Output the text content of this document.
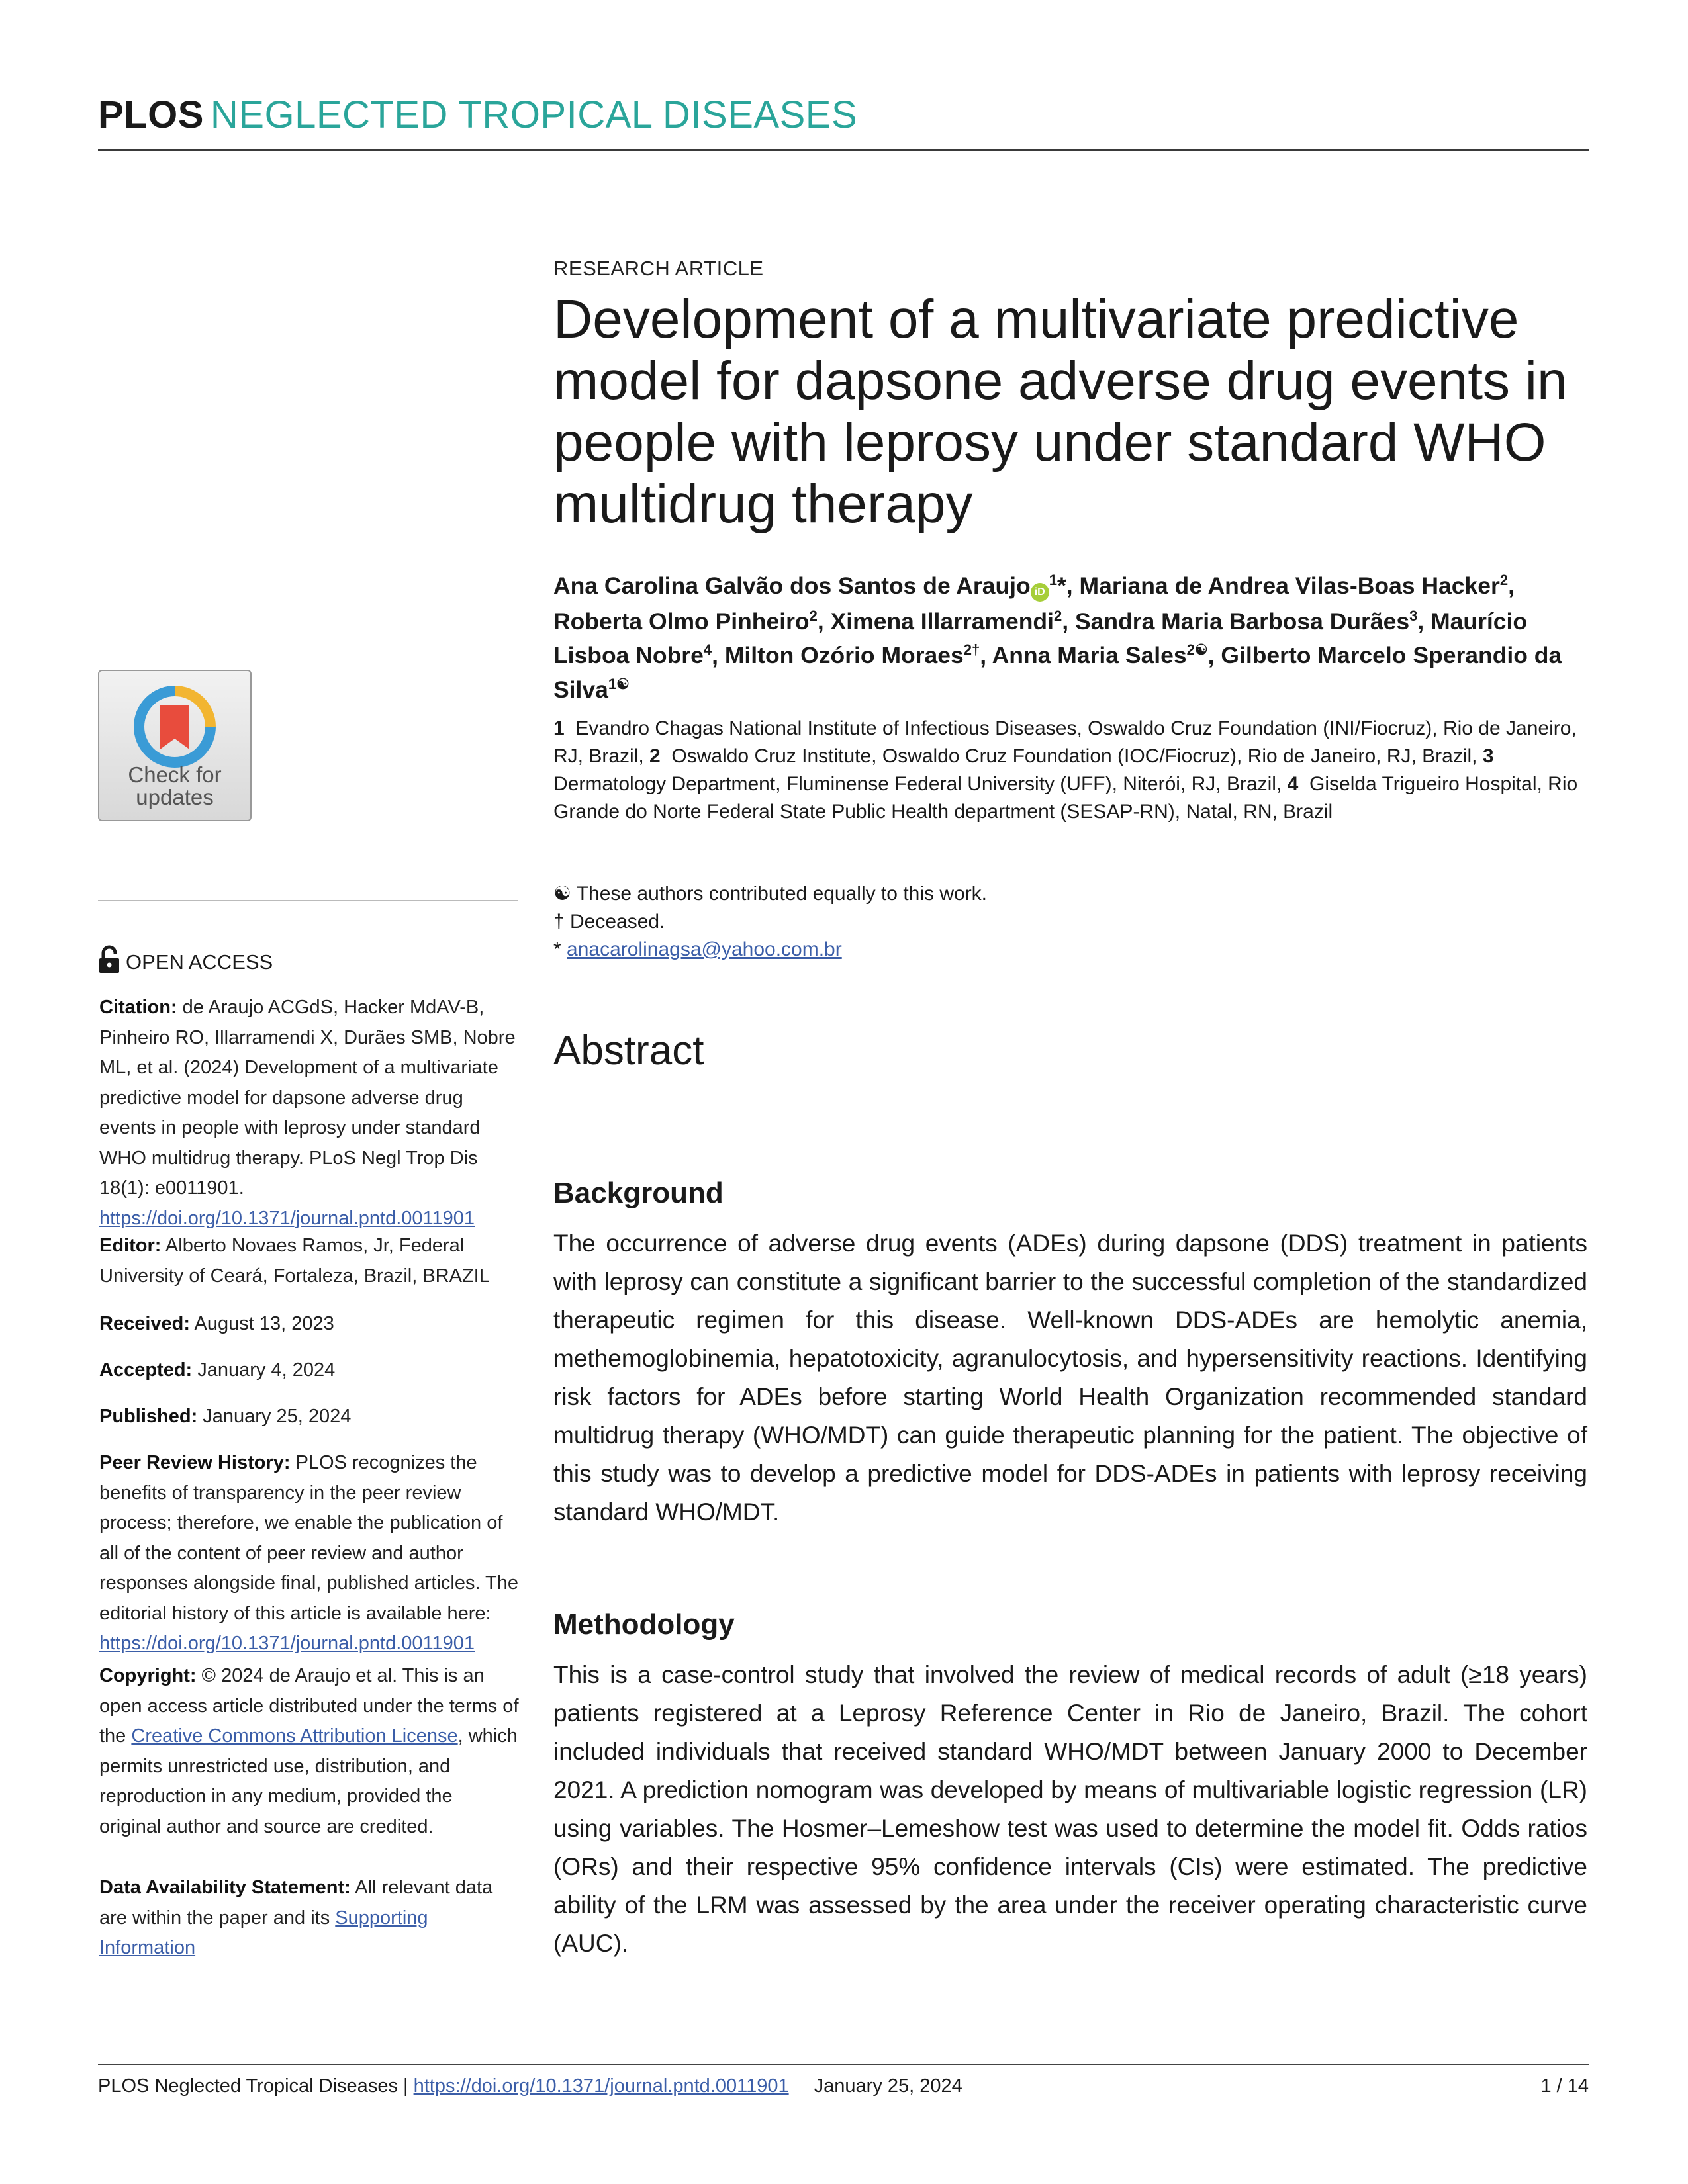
PLOS NEGLECTED TROPICAL DISEASES
Check for
updates
OPEN ACCESS
Citation: de Araujo ACGdS, Hacker MdAV-B, Pinheiro RO, Illarramendi X, Durães SMB, Nobre ML, et al. (2024) Development of a multivariate predictive model for dapsone adverse drug events in people with leprosy under standard WHO multidrug therapy. PLoS Negl Trop Dis 18(1): e0011901. https://doi.org/10.1371/journal.pntd.0011901
Editor: Alberto Novaes Ramos, Jr, Federal University of Ceará, Fortaleza, Brazil, BRAZIL
Received: August 13, 2023
Accepted: January 4, 2024
Published: January 25, 2024
Peer Review History: PLOS recognizes the benefits of transparency in the peer review process; therefore, we enable the publication of all of the content of peer review and author responses alongside final, published articles. The editorial history of this article is available here: https://doi.org/10.1371/journal.pntd.0011901
Copyright: © 2024 de Araujo et al. This is an open access article distributed under the terms of the Creative Commons Attribution License, which permits unrestricted use, distribution, and reproduction in any medium, provided the original author and source are credited.
Data Availability Statement: All relevant data are within the paper and its Supporting Information
RESEARCH ARTICLE
Development of a multivariate predictive model for dapsone adverse drug events in people with leprosy under standard WHO multidrug therapy
Ana Carolina Galvão dos Santos de Araujo $iD^1*$, Mariana de Andrea Vilas-Boas Hacker$^2$, Roberta Olmo Pinheiro$^2$, Ximena Illarramendi$^2$, Sandra Maria Barbosa Durães$^3$, Maurício Lisboa Nobre$^4$, Milton Ozório Moraes$^{2\dagger}$, Anna Maria Sales$^{2☯}$, Gilberto Marcelo Sperandio da Silva$^{1☯}$
1 Evandro Chagas National Institute of Infectious Diseases, Oswaldo Cruz Foundation (INI/Fiocruz), Rio de Janeiro, RJ, Brazil, 2 Oswaldo Cruz Institute, Oswaldo Cruz Foundation (IOC/Fiocruz), Rio de Janeiro, RJ, Brazil, 3  Dermatology Department, Fluminense Federal University (UFF), Niterói, RJ, Brazil, 4 Giselda Trigueiro Hospital, Rio Grande do Norte Federal State Public Health department (SESAP-RN), Natal, RN, Brazil
☯ These authors contributed equally to this work.
† Deceased.
* anacarolinagsa@yahoo.com.br
Abstract
Background
The occurrence of adverse drug events (ADEs) during dapsone (DDS) treatment in patients with leprosy can constitute a significant barrier to the successful completion of the standardized therapeutic regimen for this disease. Well-known DDS-ADEs are hemolytic anemia, methemoglobinemia, hepatotoxicity, agranulocytosis, and hypersensitivity reactions. Identifying risk factors for ADEs before starting World Health Organization recommended standard multidrug therapy (WHO/MDT) can guide therapeutic planning for the patient. The objective of this study was to develop a predictive model for DDS-ADEs in patients with leprosy receiving standard WHO/MDT.
Methodology
This is a case-control study that involved the review of medical records of adult (≥18 years) patients registered at a Leprosy Reference Center in Rio de Janeiro, Brazil. The cohort included individuals that received standard WHO/MDT between January 2000 to December 2021. A prediction nomogram was developed by means of multivariable logistic regression (LR) using variables. The Hosmer–Lemeshow test was used to determine the model fit. Odds ratios (ORs) and their respective 95% confidence intervals (CIs) were estimated. The predictive ability of the LRM was assessed by the area under the receiver operating characteristic curve (AUC).
PLOS Neglected Tropical Diseases | https://doi.org/10.1371/journal.pntd.0011901 January 25, 2024	1 / 14
